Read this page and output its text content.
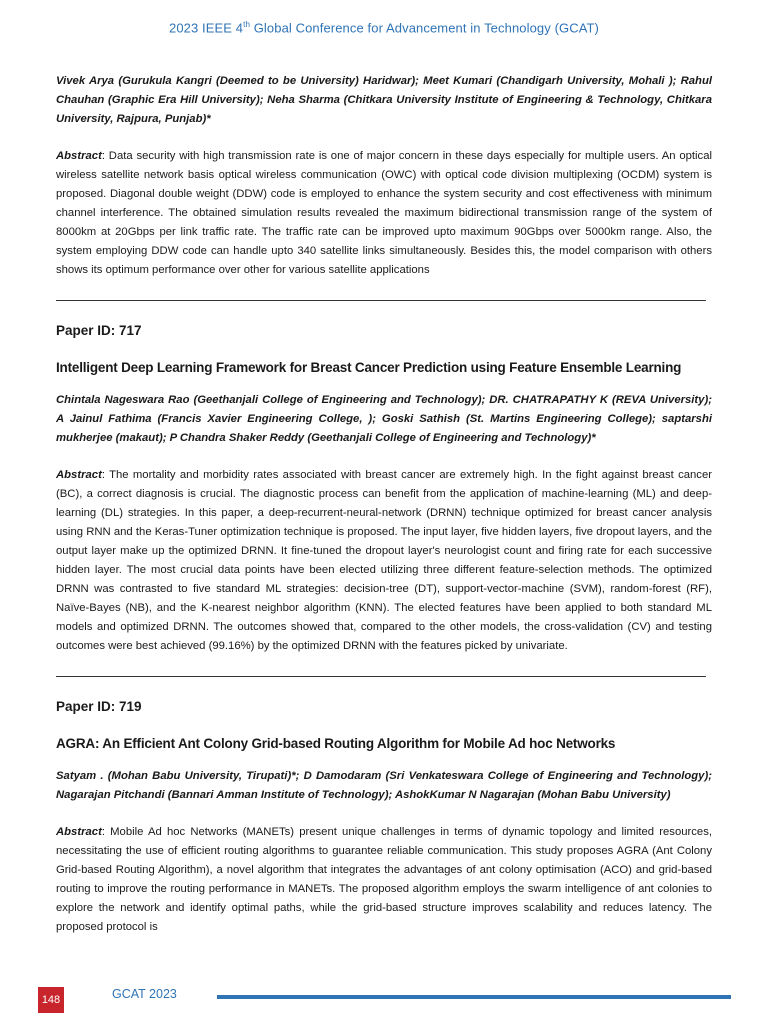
2023 IEEE 4th Global Conference for Advancement in Technology (GCAT)

Vivek Arya (Gurukula Kangri (Deemed to be University) Haridwar); Meet Kumari (Chandigarh University, Mohali ); Rahul Chauhan (Graphic Era Hill University); Neha Sharma (Chitkara University Institute of Engineering & Technology, Chitkara University, Rajpura, Punjab)*

Abstract: Data security with high transmission rate is one of major concern in these days especially for multiple users. An optical wireless satellite network basis optical wireless communication (OWC) with optical code division multiplexing (OCDM) system is proposed. Diagonal double weight (DDW) code is employed to enhance the system security and cost effectiveness with minimum channel interference. The obtained simulation results revealed the maximum bidirectional transmission range of the system of 8000km at 20Gbps per link traffic rate. The traffic rate can be improved upto maximum 90Gbps over 5000km range. Also, the system employing DDW code can handle upto 340 satellite links simultaneously. Besides this, the model comparison with others shows its optimum performance over other for various satellite applications

Paper ID: 717

Intelligent Deep Learning Framework for Breast Cancer Prediction using Feature Ensemble Learning

Chintala Nageswara Rao (Geethanjali College of Engineering and Technology); DR. CHATRAPATHY K (REVA University); A Jainul Fathima (Francis Xavier Engineering College, ); Goski Sathish (St. Martins Engineering College); saptarshi mukherjee (makaut); P Chandra Shaker Reddy (Geethanjali College of Engineering and Technology)*

Abstract: The mortality and morbidity rates associated with breast cancer are extremely high. In the fight against breast cancer (BC), a correct diagnosis is crucial. The diagnostic process can benefit from the application of machine-learning (ML) and deep-learning (DL) strategies. In this paper, a deep-recurrent-neural-network (DRNN) technique optimized for breast cancer analysis using RNN and the Keras-Tuner optimization technique is proposed. The input layer, five hidden layers, five dropout layers, and the output layer make up the optimized DRNN. It fine-tuned the dropout layer's neurologist count and firing rate for each successive hidden layer. The most crucial data points have been elected utilizing three different feature-selection methods. The optimized DRNN was contrasted to five standard ML strategies: decision-tree (DT), support-vector-machine (SVM), random-forest (RF), Naïve-Bayes (NB), and the K-nearest neighbor algorithm (KNN). The elected features have been applied to both standard ML models and optimized DRNN. The outcomes showed that, compared to the other models, the cross-validation (CV) and testing outcomes were best achieved (99.16%) by the optimized DRNN with the features picked by univariate.

Paper ID: 719

AGRA: An Efficient Ant Colony Grid-based Routing Algorithm for Mobile Ad hoc Networks

Satyam . (Mohan Babu University, Tirupati)*; D Damodaram (Sri Venkateswara College of Engineering and Technology); Nagarajan Pitchandi (Bannari Amman Institute of Technology); AshokKumar N Nagarajan (Mohan Babu University)

Abstract: Mobile Ad hoc Networks (MANETs) present unique challenges in terms of dynamic topology and limited resources, necessitating the use of efficient routing algorithms to guarantee reliable communication. This study proposes AGRA (Ant Colony Grid-based Routing Algorithm), a novel algorithm that integrates the advantages of ant colony optimisation (ACO) and grid-based routing to improve the routing performance in MANETs. The proposed algorithm employs the swarm intelligence of ant colonies to explore the network and identify optimal paths, while the grid-based structure improves scalability and reduces latency. The proposed protocol is

148	GCAT 2023
